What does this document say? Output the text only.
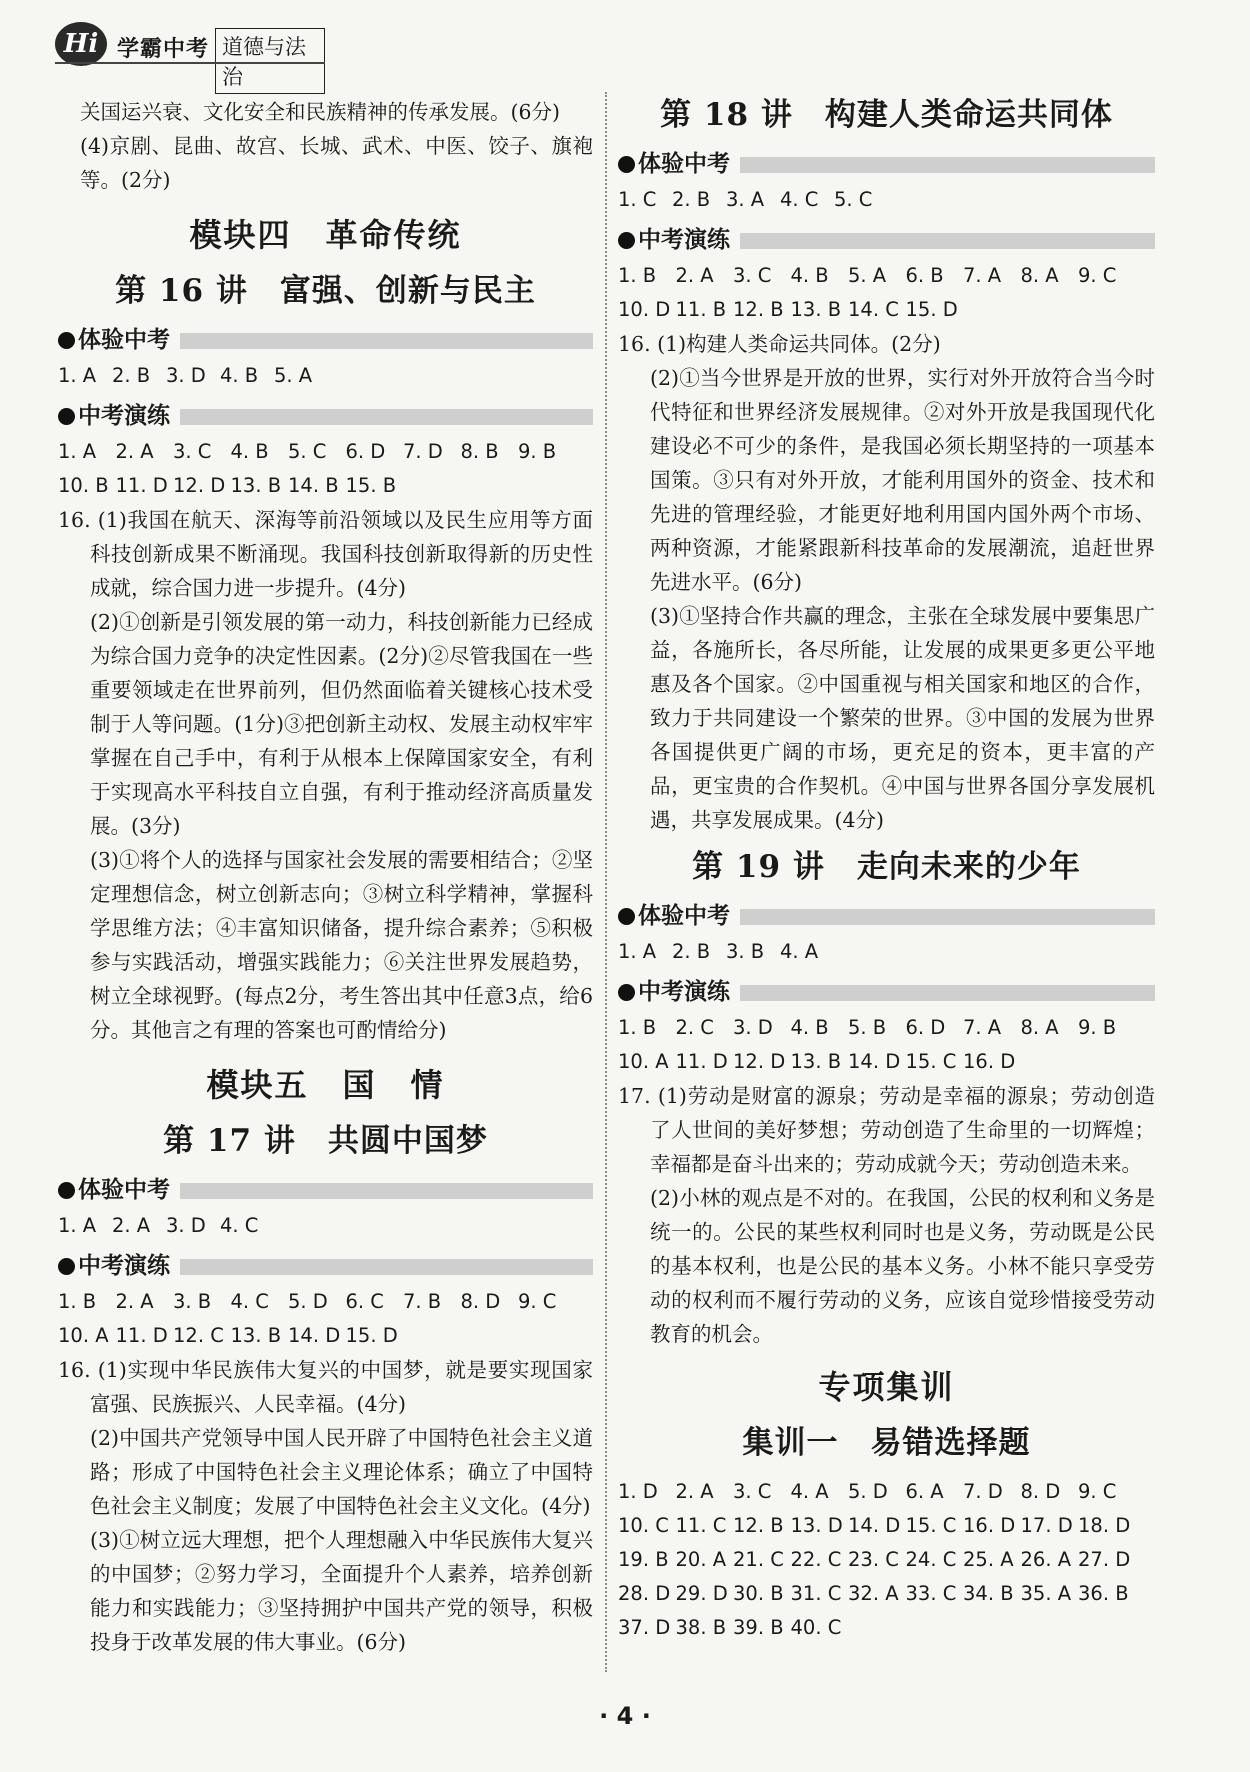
Hi 学霸中考 道德与法治

关国运兴衰、文化安全和民族精神的传承发展。(6分)

(4)京剧、昆曲、故宫、长城、武术、中医、饺子、旗袍等。(2分)

模块四　革命传统
第 16 讲　富强、创新与民主
体验中考
1. A 2. B 3. D 4. B 5. A
中考演练
1. A 2. A 3. C 4. B 5. C 6. D 7. D 8. B 9. B
10. B 11. D 12. D 13. B 14. B 15. B

16. (1)我国在航天、深海等前沿领域以及民生应用等方面科技创新成果不断涌现。我国科技创新取得新的历史性成就，综合国力进一步提升。(4分)

(2)①创新是引领发展的第一动力，科技创新能力已经成为综合国力竞争的决定性因素。(2分)②尽管我国在一些重要领域走在世界前列，但仍然面临着关键核心技术受制于人等问题。(1分)③把创新主动权、发展主动权牢牢掌握在自己手中，有利于从根本上保障国家安全，有利于实现高水平科技自立自强，有利于推动经济高质量发展。(3分)

(3)①将个人的选择与国家社会发展的需要相结合；②坚定理想信念，树立创新志向；③树立科学精神，掌握科学思维方法；④丰富知识储备，提升综合素养；⑤积极参与实践活动，增强实践能力；⑥关注世界发展趋势，树立全球视野。(每点2分，考生答出其中任意3点，给6分。其他言之有理的答案也可酌情给分)

模块五　国　情
第 17 讲　共圆中国梦
体验中考
1. A 2. A 3. D 4. C
中考演练
1. B 2. A 3. B 4. C 5. D 6. C 7. B 8. D 9. C
10. A 11. D 12. C 13. B 14. D 15. D

16. (1)实现中华民族伟大复兴的中国梦，就是要实现国家富强、民族振兴、人民幸福。(4分)

(2)中国共产党领导中国人民开辟了中国特色社会主义道路；形成了中国特色社会主义理论体系；确立了中国特色社会主义制度；发展了中国特色社会主义文化。(4分)

(3)①树立远大理想，把个人理想融入中华民族伟大复兴的中国梦；②努力学习，全面提升个人素养，培养创新能力和实践能力；③坚持拥护中国共产党的领导，积极投身于改革发展的伟大事业。(6分)

第 18 讲　构建人类命运共同体
体验中考
1. C 2. B 3. A 4. C 5. C
中考演练
1. B 2. A 3. C 4. B 5. A 6. B 7. A 8. A 9. C
10. D 11. B 12. B 13. B 14. C 15. D

16. (1)构建人类命运共同体。(2分)

(2)①当今世界是开放的世界，实行对外开放符合当今时代特征和世界经济发展规律。②对外开放是我国现代化建设必不可少的条件，是我国必须长期坚持的一项基本国策。③只有对外开放，才能利用国外的资金、技术和先进的管理经验，才能更好地利用国内国外两个市场、两种资源，才能紧跟新科技革命的发展潮流，追赶世界先进水平。(6分)

(3)①坚持合作共赢的理念，主张在全球发展中要集思广益，各施所长，各尽所能，让发展的成果更多更公平地惠及各个国家。②中国重视与相关国家和地区的合作，致力于共同建设一个繁荣的世界。③中国的发展为世界各国提供更广阔的市场，更充足的资本，更丰富的产品，更宝贵的合作契机。④中国与世界各国分享发展机遇，共享发展成果。(4分)

第 19 讲　走向未来的少年
体验中考
1. A 2. B 3. B 4. A
中考演练
1. B 2. C 3. D 4. B 5. B 6. D 7. A 8. A 9. B
10. A 11. D 12. D 13. B 14. D 15. C 16. D

17. (1)劳动是财富的源泉；劳动是幸福的源泉；劳动创造了人世间的美好梦想；劳动创造了生命里的一切辉煌；幸福都是奋斗出来的；劳动成就今天；劳动创造未来。

(2)小林的观点是不对的。在我国，公民的权利和义务是统一的。公民的某些权利同时也是义务，劳动既是公民的基本权利，也是公民的基本义务。小林不能只享受劳动的权利而不履行劳动的义务，应该自觉珍惜接受劳动教育的机会。

专项集训
集训一　易错选择题
1. D 2. A 3. C 4. A 5. D 6. A 7. D 8. D 9. C
10. C 11. C 12. B 13. D 14. D 15. C 16. D 17. D 18. D
19. B 20. A 21. C 22. C 23. C 24. C 25. A 26. A 27. D
28. D 29. D 30. B 31. C 32. A 33. C 34. B 35. A 36. B
37. D 38. B 39. B 40. C
· 4 ·
